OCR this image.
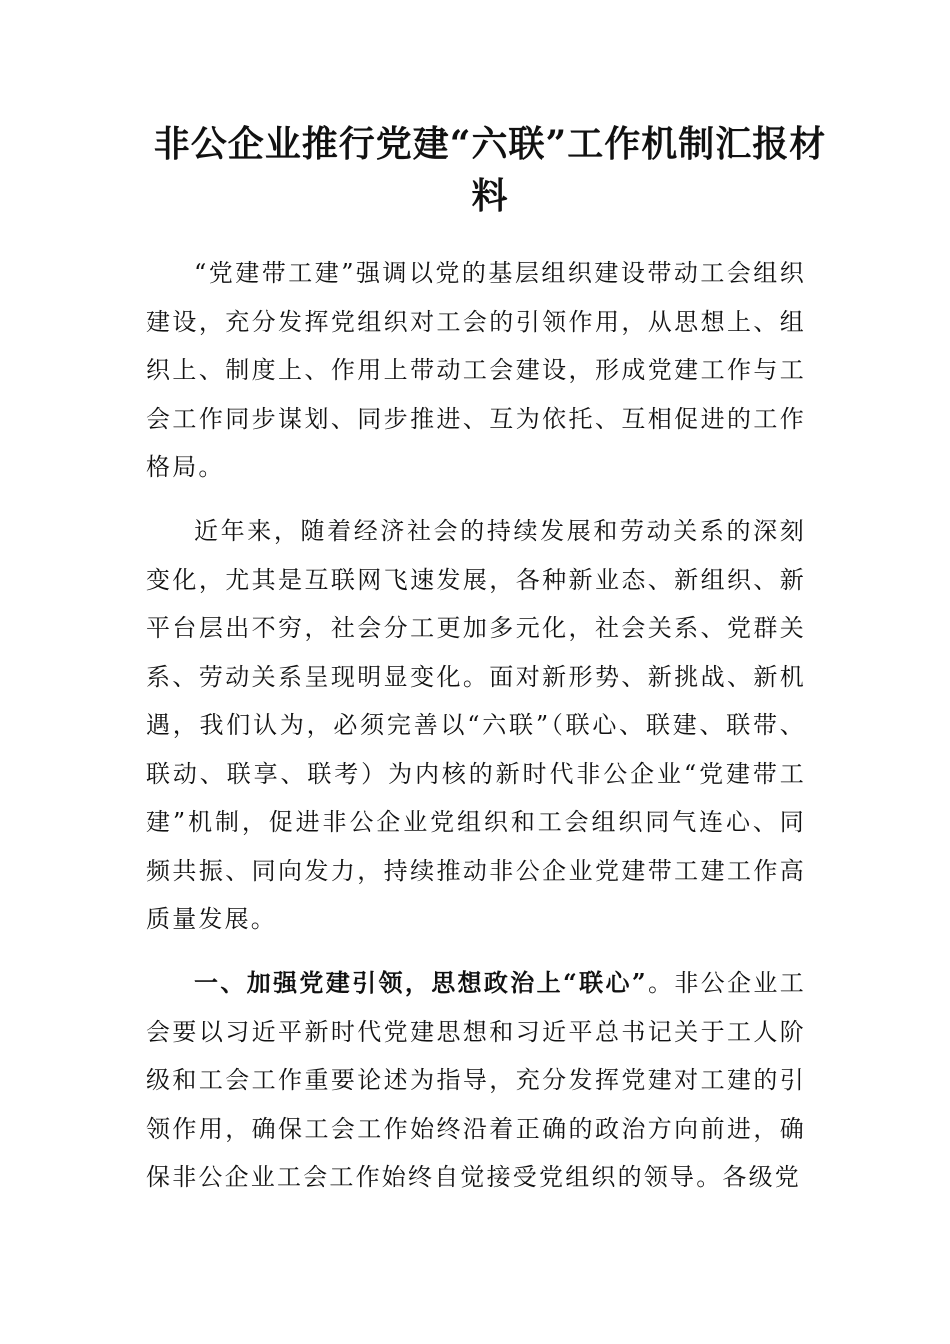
非公企业推行党建“六联”工作机制汇报材料

“党建带工建”强调以党的基层组织建设带动工会组织建设，充分发挥党组织对工会的引领作用，从思想上、组织上、制度上、作用上带动工会建设，形成党建工作与工会工作同步谋划、同步推进、互为依托、互相促进的工作格局。

近年来，随着经济社会的持续发展和劳动关系的深刻变化，尤其是互联网飞速发展，各种新业态、新组织、新平台层出不穷，社会分工更加多元化，社会关系、党群关系、劳动关系呈现明显变化。面对新形势、新挑战、新机遇，我们认为，必须完善以“六联”（联心、联建、联带、联动、联享、联考）为内核的新时代非公企业“党建带工建”机制，促进非公企业党组织和工会组织同气连心、同频共振、同向发力，持续推动非公企业党建带工建工作高质量发展。

一、加强党建引领，思想政治上“联心”。非公企业工会要以习近平新时代党建思想和习近平总书记关于工人阶级和工会工作重要论述为指导，充分发挥党建对工建的引领作用，确保工会工作始终沿着正确的政治方向前进，确保非公企业工会工作始终自觉接受党组织的领导。各级党
